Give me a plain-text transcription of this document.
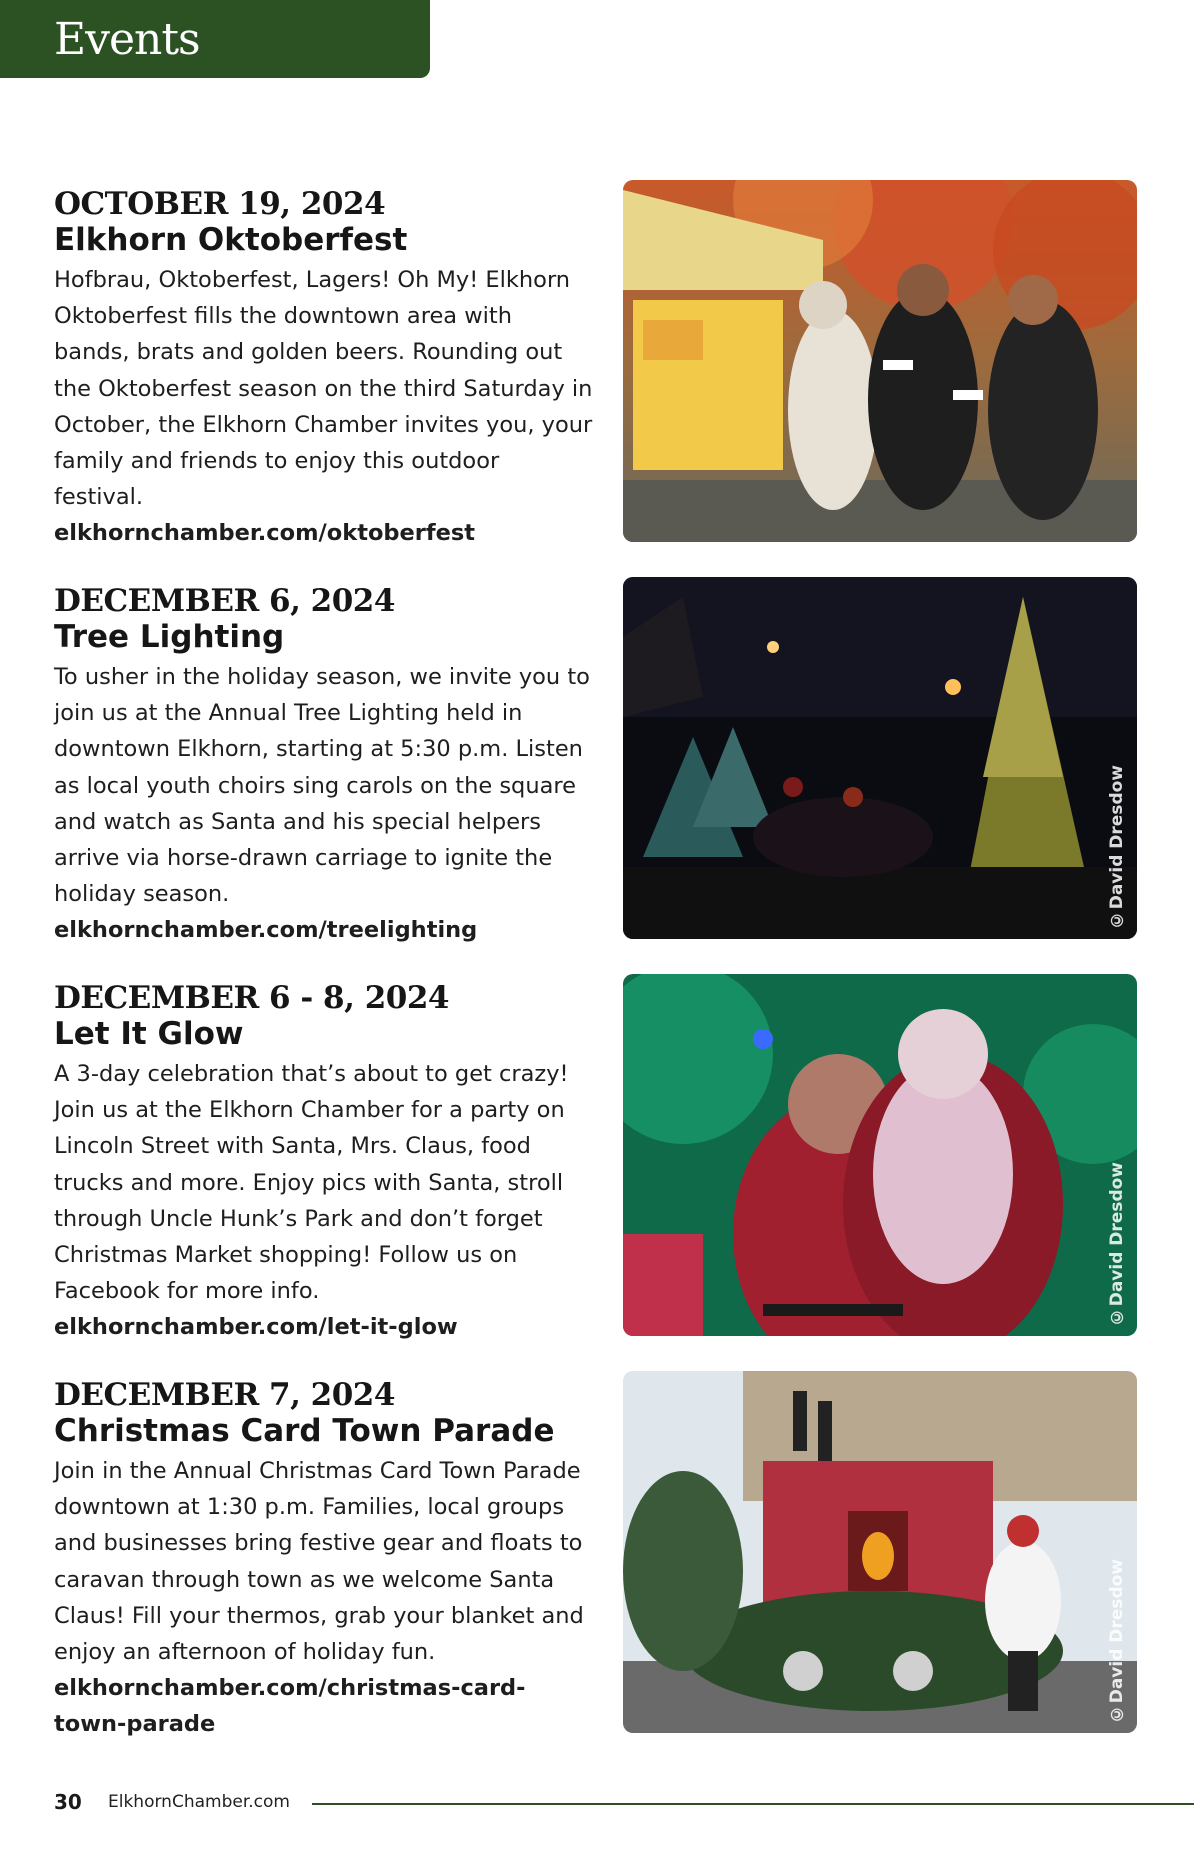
Events
OCTOBER 19, 2024
Elkhorn Oktoberfest
Hofbrau, Oktoberfest, Lagers! Oh My! Elkhorn Oktoberfest fills the downtown area with bands, brats and golden beers. Rounding out the Oktoberfest season on the third Saturday in October, the Elkhorn Chamber invites you, your family and friends to enjoy this outdoor festival.
elkhornchamber.com/oktoberfest
DECEMBER 6, 2024
Tree Lighting
To usher in the holiday season, we invite you to join us at the Annual Tree Lighting held in downtown Elkhorn, starting at 5:30 p.m. Listen as local youth choirs sing carols on the square and watch as Santa and his special helpers arrive via horse-drawn carriage to ignite the holiday season. elkhornchamber.com/treelighting
©David Dresdow
DECEMBER 6 - 8, 2024
Let It Glow
A 3-day celebration that’s about to get crazy! Join us at the Elkhorn Chamber for a party on Lincoln Street with Santa, Mrs. Claus, food trucks and more. Enjoy pics with Santa, stroll through Uncle Hunk’s Park and don’t forget Christmas Market shopping! Follow us on Facebook for more info. elkhornchamber.com/let-it-glow
©David Dresdow
DECEMBER 7, 2024
Christmas Card Town Parade
Join in the Annual Christmas Card Town Parade downtown at 1:30 p.m. Families, local groups and businesses bring festive gear and floats to caravan through town as we welcome Santa Claus! Fill your thermos, grab your blanket and enjoy an afternoon of holiday fun.
elkhornchamber.com/christmas-card-town-parade
©David Dresdow
30 ElkhornChamber.com
